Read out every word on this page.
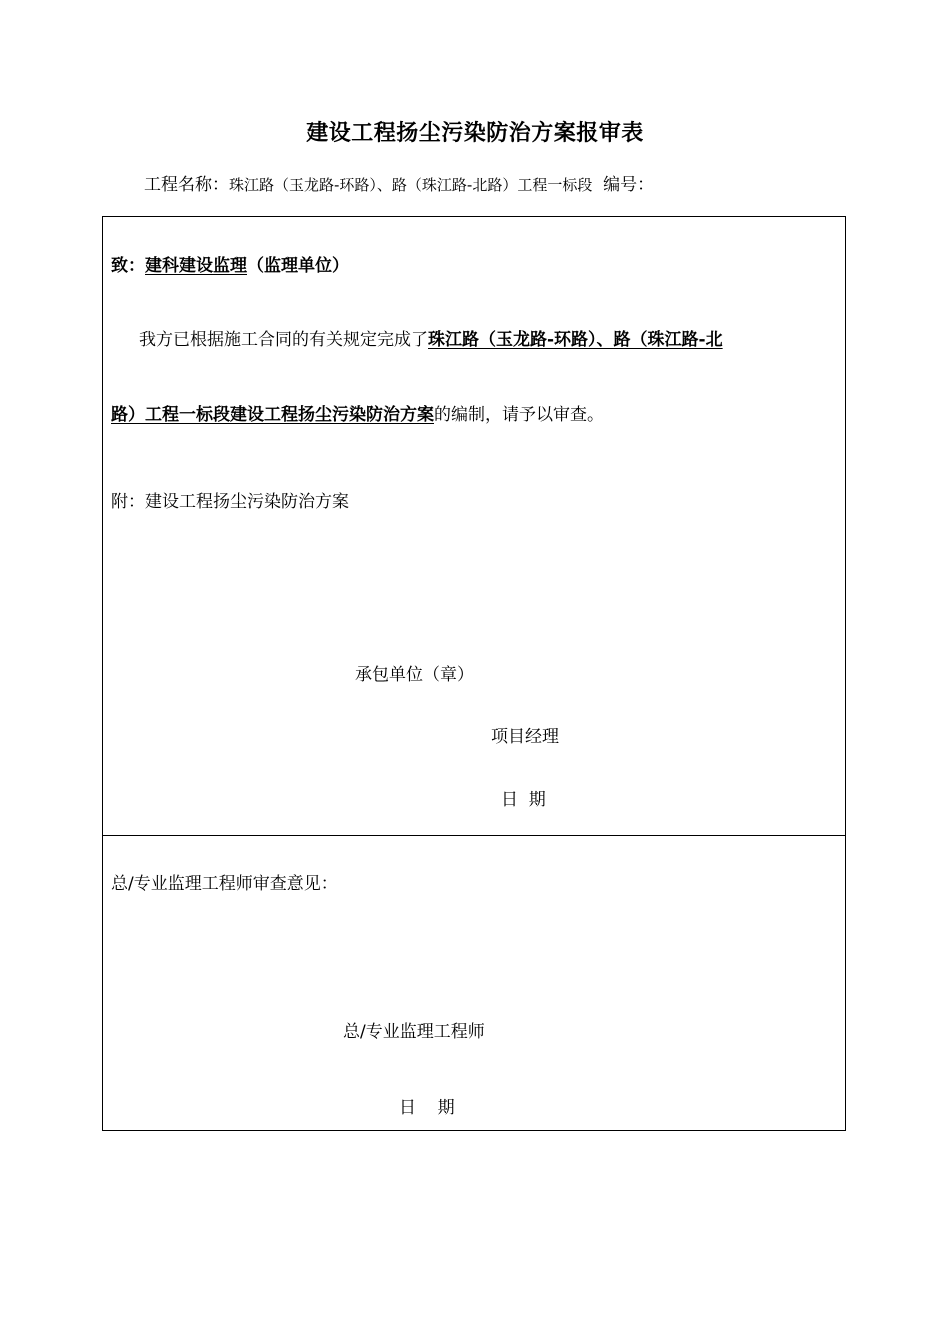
建设工程扬尘污染防治方案报审表
工程名称：珠江路（玉龙路-环路）、路（珠江路-北路）工程一标段 编号：
致：建科建设监理（监理单位）
我方已根据施工合同的有关规定完成了珠江路（玉龙路-环路）、路（珠江路-北
路）工程一标段建设工程扬尘污染防治方案的编制，请予以审查。
附：建设工程扬尘污染防治方案
承包单位（章）
项目经理
日  期
总/专业监理工程师审查意见：
总/专业监理工程师
日    期
